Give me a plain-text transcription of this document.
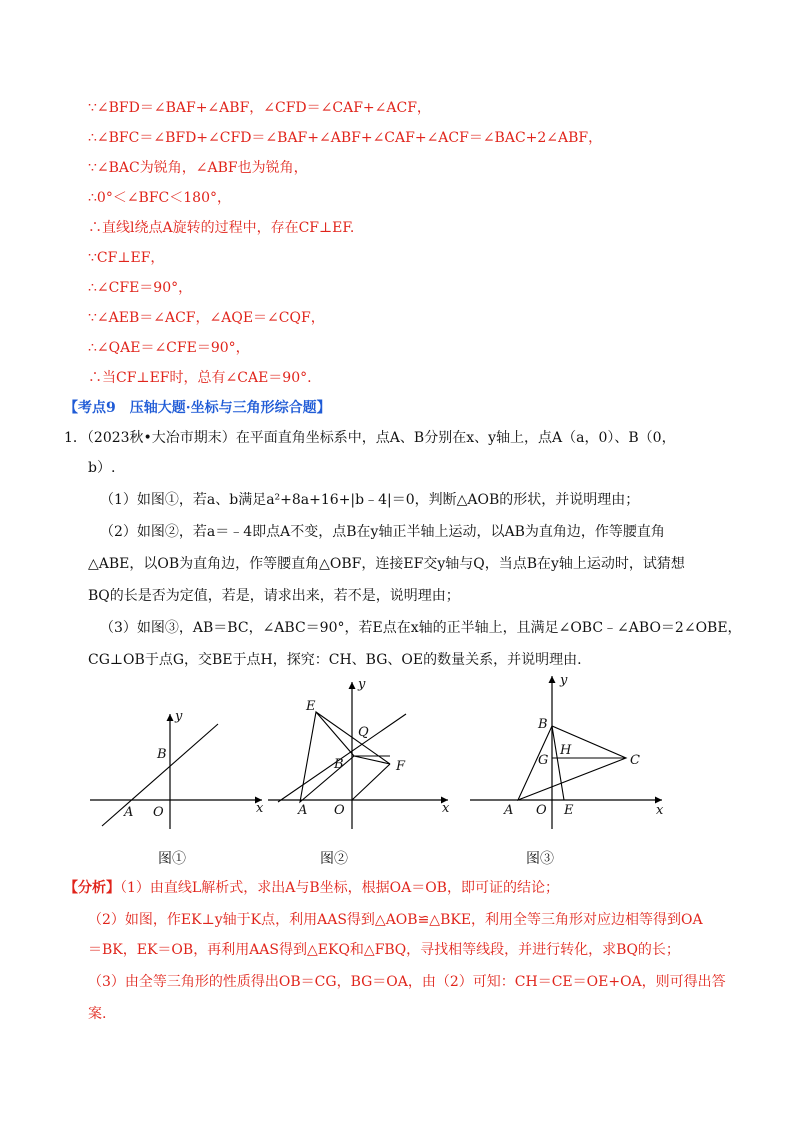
∵∠BFD＝∠BAF+∠ABF，∠CFD＝∠CAF+∠ACF，
∴∠BFC＝∠BFD+∠CFD＝∠BAF+∠ABF+∠CAF+∠ACF＝∠BAC+2∠ABF，
∵∠BAC为锐角，∠ABF也为锐角，
∴0°＜∠BFC＜180°，
∴直线l绕点A旋转的过程中，存在CF⊥EF.
∵CF⊥EF，
∴∠CFE＝90°，
∵∠AEB＝∠ACF，∠AQE＝∠CQF，
∴∠QAE＝∠CFE＝90°，
∴当CF⊥EF时，总有∠CAE＝90°.
【考点9　压轴大题·坐标与三角形综合题】
1．（2023秋•大冶市期末）在平面直角坐标系中，点A、B分别在x、y轴上，点A（a，0）、B（0，
b）.
（1）如图①，若a、b满足a²+8a+16+|b﹣4|＝0，判断△AOB的形状，并说明理由；
（2）如图②，若a＝﹣4即点A不变，点B在y轴正半轴上运动，以AB为直角边，作等腰直角
△ABE，以OB为直角边，作等腰直角△OBF，连接EF交y轴与Q，当点B在y轴上运动时，试猜想
BQ的长是否为定值，若是，请求出来，若不是，说明理由；
（3）如图③，AB＝BC，∠ABC＝90°，若E点在x轴的正半轴上，且满足∠OBC﹣∠ABO＝2∠OBE，
CG⊥OB于点G，交BE于点H，探究：CH、BG、OE的数量关系，并说明理由.
x
y
O
A
B
x
y
O
A
B
E
Q
F
x
y
O
A
B
E
G
H
C
图①	图②	图③
【分析】（1）由直线L解析式，求出A与B坐标，根据OA＝OB，即可证的结论；
（2）如图，作EK⊥y轴于K点，利用AAS得到△AOB≌△BKE，利用全等三角形对应边相等得到OA
＝BK，EK＝OB，再利用AAS得到△EKQ和△FBQ，寻找相等线段，并进行转化，求BQ的长；
（3）由全等三角形的性质得出OB＝CG，BG＝OA，由（2）可知：CH＝CE＝OE+OA，则可得出答
案.
